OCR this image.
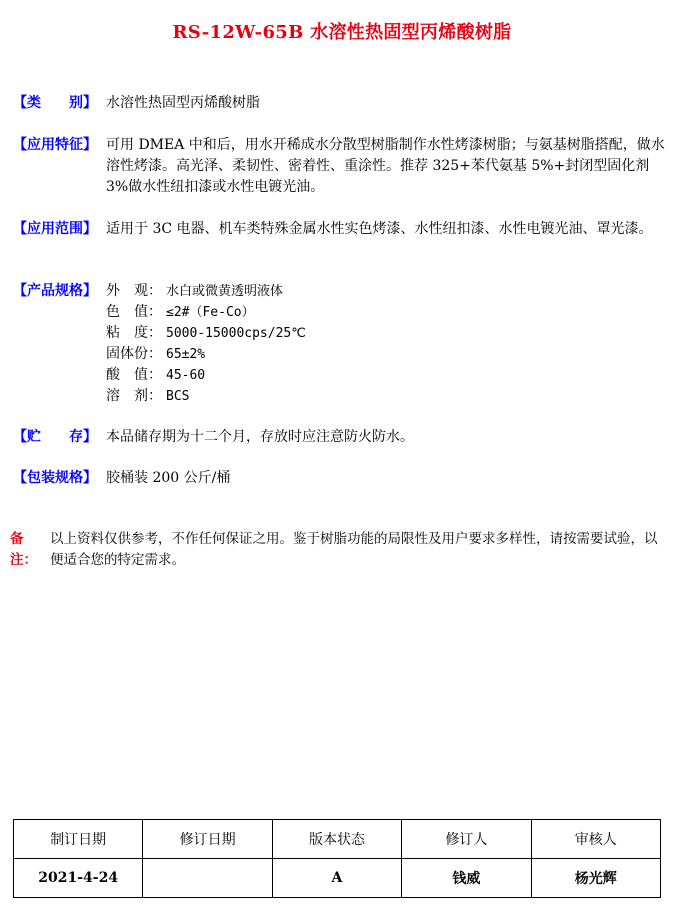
RS-12W-65B 水溶性热固型丙烯酸树脂
【类　　别】 水溶性热固型丙烯酸树脂
【应用特征】 可用 DMEA 中和后，用水开稀成水分散型树脂制作水性烤漆树脂；与氨基树脂搭配，做水溶性烤漆。高光泽、柔韧性、密着性、重涂性。推荐 325+苯代氨基 5%+封闭型固化剂 3%做水性纽扣漆或水性电镀光油。
【应用范围】 适用于 3C 电器、机车类特殊金属水性实色烤漆、水性纽扣漆、水性电镀光油、罩光漆。
【产品规格】 外　观： 水白或微黄透明液体
色　值： ≤2#（Fe-Co）
粘　度： 5000-15000cps/25℃
固体份： 65±2%
酸　值： 45-60
溶　剂： BCS
【贮　　存】 本品储存期为十二个月，存放时应注意防火防水。
【包装规格】 胶桶装 200 公斤/桶
备注：
以上资料仅供参考，不作任何保证之用。鉴于树脂功能的局限性及用户要求多样性，请按需要试验，以便适合您的特定需求。
制订日期	修订日期	版本状态	修订人	审核人
2021-4-24		A	钱威	杨光辉
